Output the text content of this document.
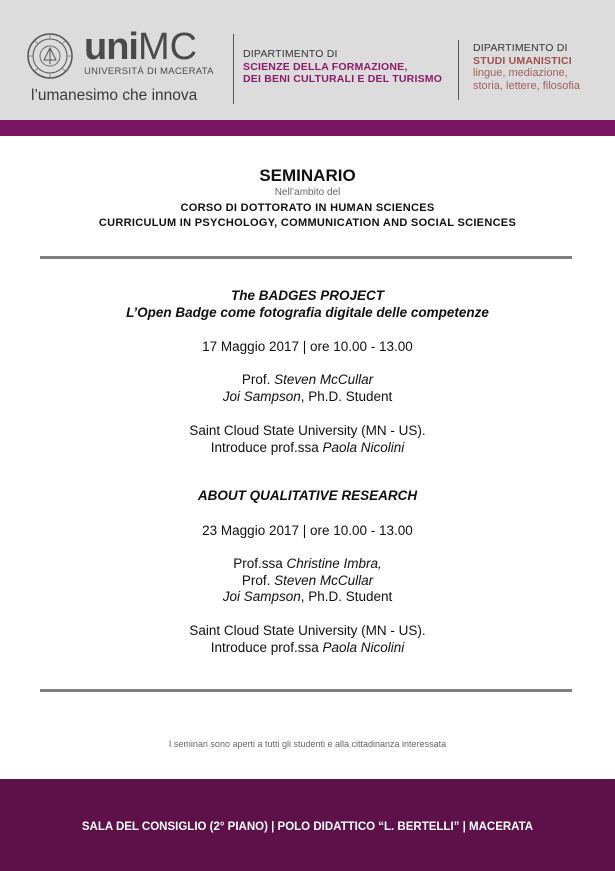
uniMC
UNIVERSITÀ DI MACERATA
l’umanesimo che innova
DIPARTIMENTO DI
SCIENZE DELLA FORMAZIONE,
DEI BENI CULTURALI E DEL TURISMO
DIPARTIMENTO DI
STUDI UMANISTICI
lingue, mediazione,
storia, lettere, filosofia
SEMINARIO
Nell’ambito del
CORSO DI DOTTORATO IN HUMAN SCIENCES
CURRICULUM IN PSYCHOLOGY, COMMUNICATION AND SOCIAL SCIENCES
The BADGES PROJECT
L’Open Badge come fotografia digitale delle competenze
17 Maggio 2017 | ore 10.00 - 13.00
Prof. Steven McCullar
Joi Sampson, Ph.D. Student
Saint Cloud State University (MN - US).
Introduce prof.ssa Paola Nicolini
ABOUT QUALITATIVE RESEARCH
23 Maggio 2017 | ore 10.00 - 13.00
Prof.ssa Christine Imbra,
Prof. Steven McCullar
Joi Sampson, Ph.D. Student
Saint Cloud State University (MN - US).
Introduce prof.ssa Paola Nicolini
I seminari sono aperti a tutti gli studenti e alla cittadinanza interessata
SALA DEL CONSIGLIO (2° PIANO) | POLO DIDATTICO “L. BERTELLI” | MACERATA
